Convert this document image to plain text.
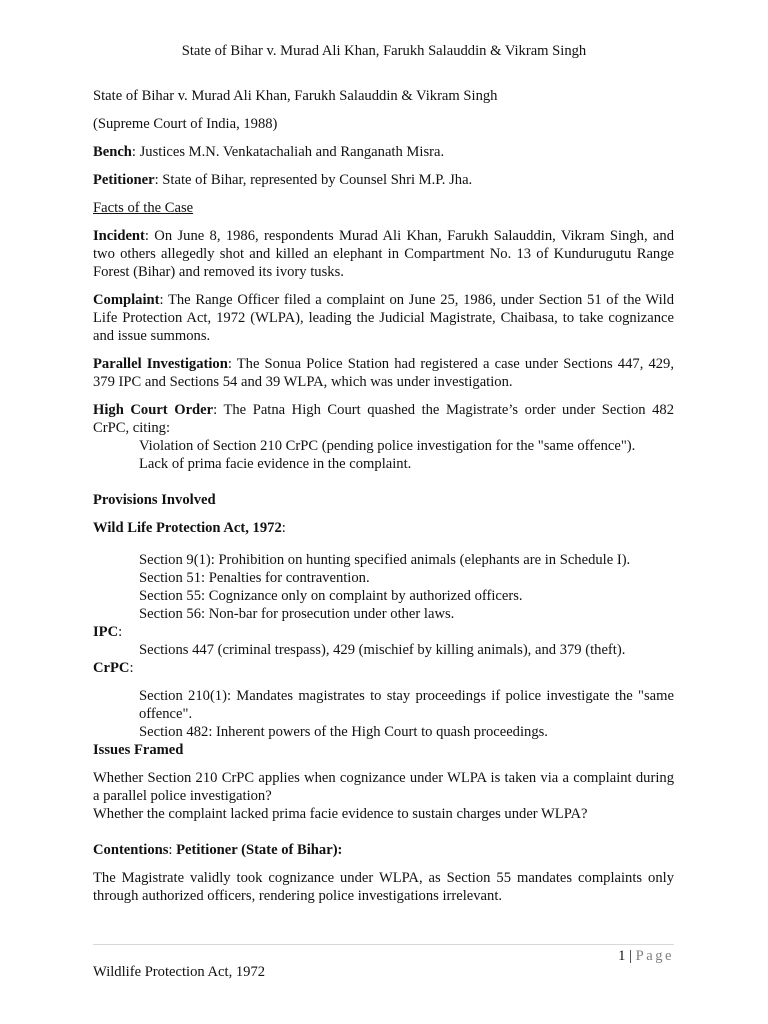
State of Bihar v. Murad Ali Khan, Farukh Salauddin & Vikram Singh

State of Bihar v. Murad Ali Khan, Farukh Salauddin & Vikram Singh

(Supreme Court of India, 1988)

Bench: Justices M.N. Venkatachaliah and Ranganath Misra.

Petitioner: State of Bihar, represented by Counsel Shri M.P. Jha.

Facts of the Case

Incident: On June 8, 1986, respondents Murad Ali Khan, Farukh Salauddin, Vikram Singh, and two others allegedly shot and killed an elephant in Compartment No. 13 of Kundurugutu Range Forest (Bihar) and removed its ivory tusks.

Complaint: The Range Officer filed a complaint on June 25, 1986, under Section 51 of the Wild Life Protection Act, 1972 (WLPA), leading the Judicial Magistrate, Chaibasa, to take cognizance and issue summons.

Parallel Investigation: The Sonua Police Station had registered a case under Sections 447, 429, 379 IPC and Sections 54 and 39 WLPA, which was under investigation.

High Court Order: The Patna High Court quashed the Magistrate’s order under Section 482 CrPC, citing:

Violation of Section 210 CrPC (pending police investigation for the "same offence").

Lack of prima facie evidence in the complaint.

Provisions Involved

Wild Life Protection Act, 1972:

Section 9(1): Prohibition on hunting specified animals (elephants are in Schedule I).

Section 51: Penalties for contravention.

Section 55: Cognizance only on complaint by authorized officers.

Section 56: Non-bar for prosecution under other laws.

IPC:

Sections 447 (criminal trespass), 429 (mischief by killing animals), and 379 (theft).

CrPC:

Section 210(1): Mandates magistrates to stay proceedings if police investigate the "same offence".

Section 482: Inherent powers of the High Court to quash proceedings.

Issues Framed

Whether Section 210 CrPC applies when cognizance under WLPA is taken via a complaint during a parallel police investigation?

Whether the complaint lacked prima facie evidence to sustain charges under WLPA?

Contentions: Petitioner (State of Bihar):

The Magistrate validly took cognizance under WLPA, as Section 55 mandates complaints only through authorized officers, rendering police investigations irrelevant.

1 | Page
Wildlife Protection Act, 1972
